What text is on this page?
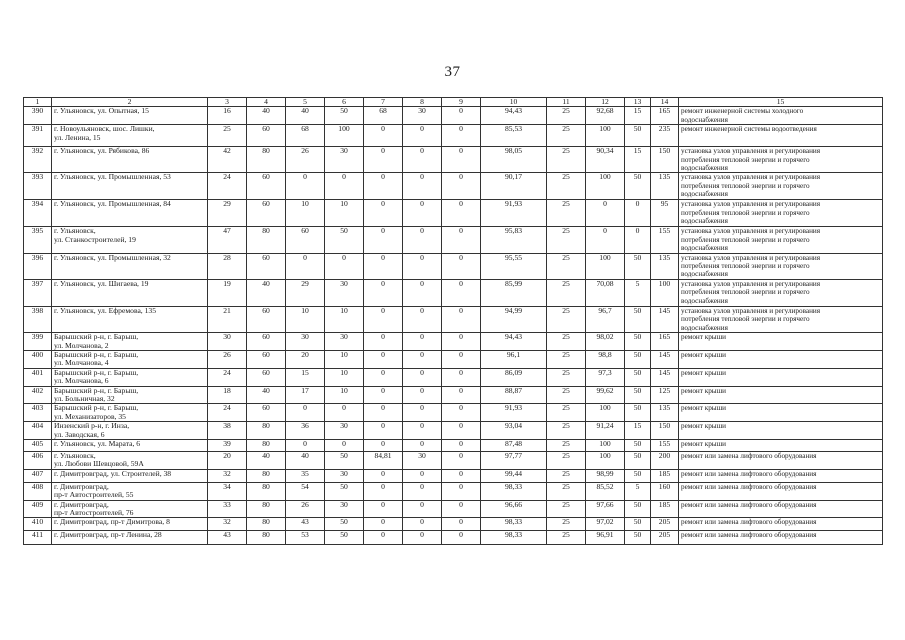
37
1	2	3	4	5	6	7	8	9	10	11	12	13	14	15
390	г. Ульяновск, ул. Опытная, 15	16	40	40	50	68	30	0	94,43	25	92,68	15	165	ремонт инженерной системы холодного
водоснабжения
391	г. Новоульяновск, шос. Лишки,
ул. Ленина, 15	25	60	68	100	0	0	0	85,53	25	100	50	235	ремонт инженерной системы водоотведения
392	г. Ульяновск, ул. Рябикова, 86	42	80	26	30	0	0	0	98,05	25	90,34	15	150	установка узлов управления и регулирования
потребления тепловой энергии и горячего
водоснабжения
393	г. Ульяновск, ул. Промышленная, 53	24	60	0	0	0	0	0	90,17	25	100	50	135	установка узлов управления и регулирования
потребления тепловой энергии и горячего
водоснабжения
394	г. Ульяновск, ул. Промышленная, 84	29	60	10	10	0	0	0	91,93	25	0	0	95	установка узлов управления и регулирования
потребления тепловой энергии и горячего
водоснабжения
395	г. Ульяновск,
ул. Станкостроителей, 19	47	80	60	50	0	0	0	95,83	25	0	0	155	установка узлов управления и регулирования
потребления тепловой энергии и горячего
водоснабжения
396	г. Ульяновск, ул. Промышленная, 32	28	60	0	0	0	0	0	95,55	25	100	50	135	установка узлов управления и регулирования
потребления тепловой энергии и горячего
водоснабжения
397	г. Ульяновск, ул. Шигаева, 19	19	40	29	30	0	0	0	85,99	25	70,08	5	100	установка узлов управления и регулирования
потребления тепловой энергии и горячего
водоснабжения
398	г. Ульяновск, ул. Ефремова, 135	21	60	10	10	0	0	0	94,99	25	96,7	50	145	установка узлов управления и регулирования
потребления тепловой энергии и горячего
водоснабжения
399	Барышский р-н, г. Барыш,
ул. Молчанова, 2	30	60	30	30	0	0	0	94,43	25	98,02	50	165	ремонт крыши
400	Барышский р-н, г. Барыш,
ул. Молчанова, 4	26	60	20	10	0	0	0	96,1	25	98,8	50	145	ремонт крыши
401	Барышский р-н, г. Барыш,
ул. Молчанова, 6	24	60	15	10	0	0	0	86,09	25	97,3	50	145	ремонт крыши
402	Барышский р-н, г. Барыш,
ул. Больничная, 32	18	40	17	10	0	0	0	88,87	25	99,62	50	125	ремонт крыши
403	Барышский р-н, г. Барыш,
ул. Механизаторов, 35	24	60	0	0	0	0	0	91,93	25	100	50	135	ремонт крыши
404	Инзенский р-н, г. Инза,
ул. Заводская, 6	38	80	36	30	0	0	0	93,04	25	91,24	15	150	ремонт крыши
405	г. Ульяновск, ул. Марата, 6	39	80	0	0	0	0	0	87,48	25	100	50	155	ремонт крыши
406	г. Ульяновск,
ул. Любови Шевцовой, 59А	20	40	40	50	84,81	30	0	97,77	25	100	50	200	ремонт или замена лифтового оборудования
407	г. Димитровград, ул. Строителей, 38	32	80	35	30	0	0	0	99,44	25	98,99	50	185	ремонт или замена лифтового оборудования
408	г. Димитровград,
пр-т Автостроителей, 55	34	80	54	50	0	0	0	98,33	25	85,52	5	160	ремонт или замена лифтового оборудования
409	г. Димитровград,
пр-т Автостроителей, 76	33	80	26	30	0	0	0	96,66	25	97,66	50	185	ремонт или замена лифтового оборудования
410	г. Димитровград, пр-т Димитрова, 8	32	80	43	50	0	0	0	98,33	25	97,02	50	205	ремонт или замена лифтового оборудования
411	г. Димитровград, пр-т Ленина, 28	43	80	53	50	0	0	0	98,33	25	96,91	50	205	ремонт или замена лифтового оборудования
